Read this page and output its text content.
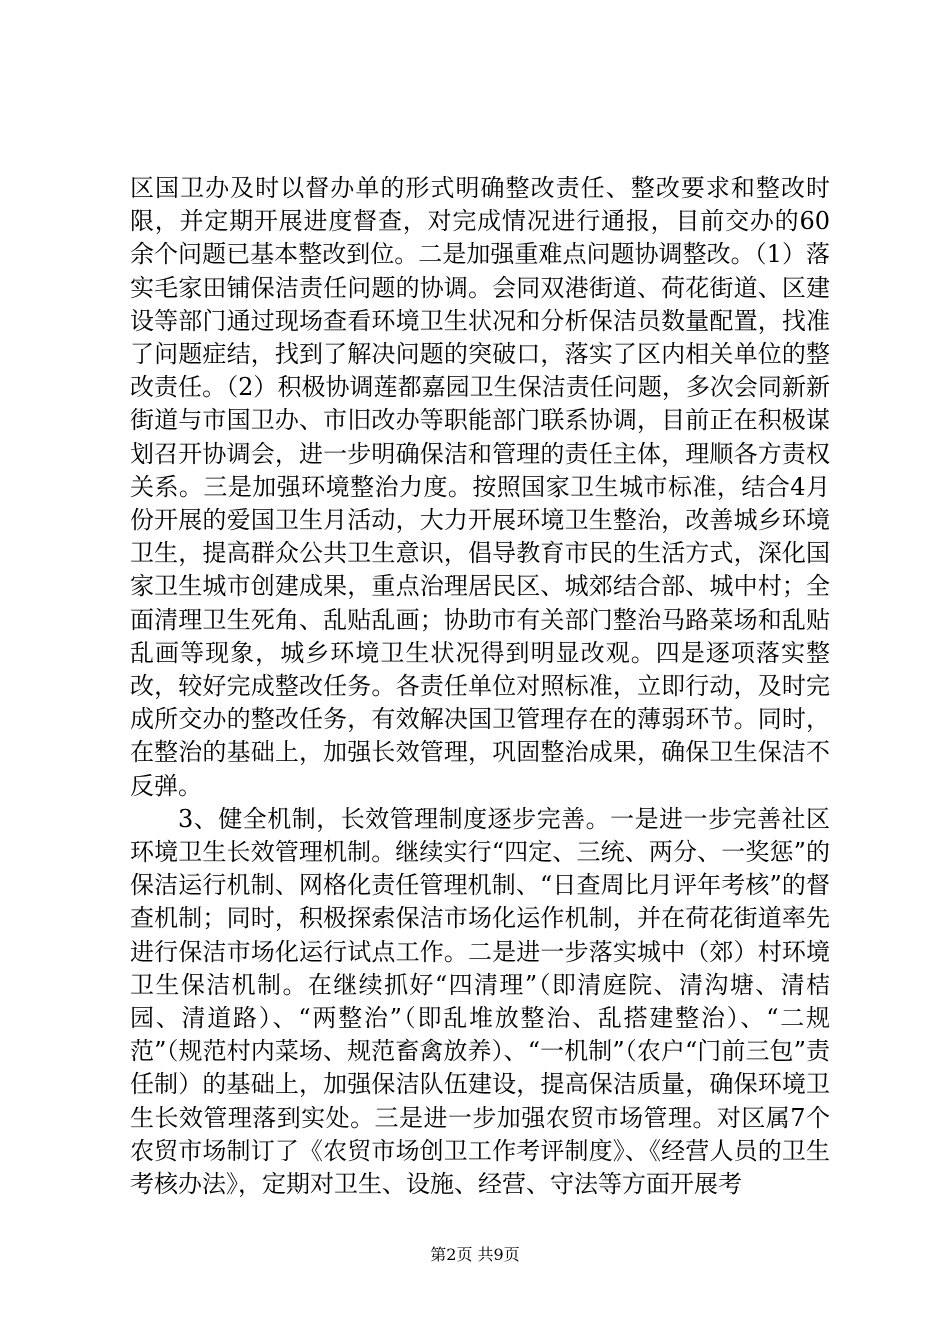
区国卫办及时以督办单的形式明确整改责任、整改要求和整改时限，并定期开展进度督查，对完成情况进行通报，目前交办的60余个问题已基本整改到位。二是加强重难点问题协调整改。（1）落实毛家田铺保洁责任问题的协调。会同双港街道、荷花街道、区建设等部门通过现场查看环境卫生状况和分析保洁员数量配置，找准了问题症结，找到了解决问题的突破口，落实了区内相关单位的整改责任。（2）积极协调莲都嘉园卫生保洁责任问题，多次会同新新街道与市国卫办、市旧改办等职能部门联系协调，目前正在积极谋划召开协调会，进一步明确保洁和管理的责任主体，理顺各方责权关系。三是加强环境整治力度。按照国家卫生城市标准，结合4月份开展的爱国卫生月活动，大力开展环境卫生整治，改善城乡环境卫生，提高群众公共卫生意识，倡导教育市民的生活方式，深化国家卫生城市创建成果，重点治理居民区、城郊结合部、城中村；全面清理卫生死角、乱贴乱画；协助市有关部门整治马路菜场和乱贴乱画等现象，城乡环境卫生状况得到明显改观。四是逐项落实整改，较好完成整改任务。各责任单位对照标准，立即行动，及时完成所交办的整改任务，有效解决国卫管理存在的薄弱环节。同时，在整治的基础上，加强长效管理，巩固整治成果，确保卫生保洁不反弹。

3、健全机制，长效管理制度逐步完善。一是进一步完善社区环境卫生长效管理机制。继续实行“四定、三统、两分、一奖惩”的保洁运行机制、网格化责任管理机制、“日查周比月评年考核”的督查机制；同时，积极探索保洁市场化运作机制，并在荷花街道率先进行保洁市场化运行试点工作。二是进一步落实城中（郊）村环境卫生保洁机制。在继续抓好“四清理”（即清庭院、清沟塘、清桔园、清道路）、“两整治”（即乱堆放整治、乱搭建整治）、“二规范”（规范村内菜场、规范畜禽放养）、“一机制”（农户“门前三包”责任制）的基础上，加强保洁队伍建设，提高保洁质量，确保环境卫生长效管理落到实处。三是进一步加强农贸市场管理。对区属7个农贸市场制订了《农贸市场创卫工作考评制度》、《经营人员的卫生考核办法》，定期对卫生、设施、经营、守法等方面开展考

第2页 共9页
